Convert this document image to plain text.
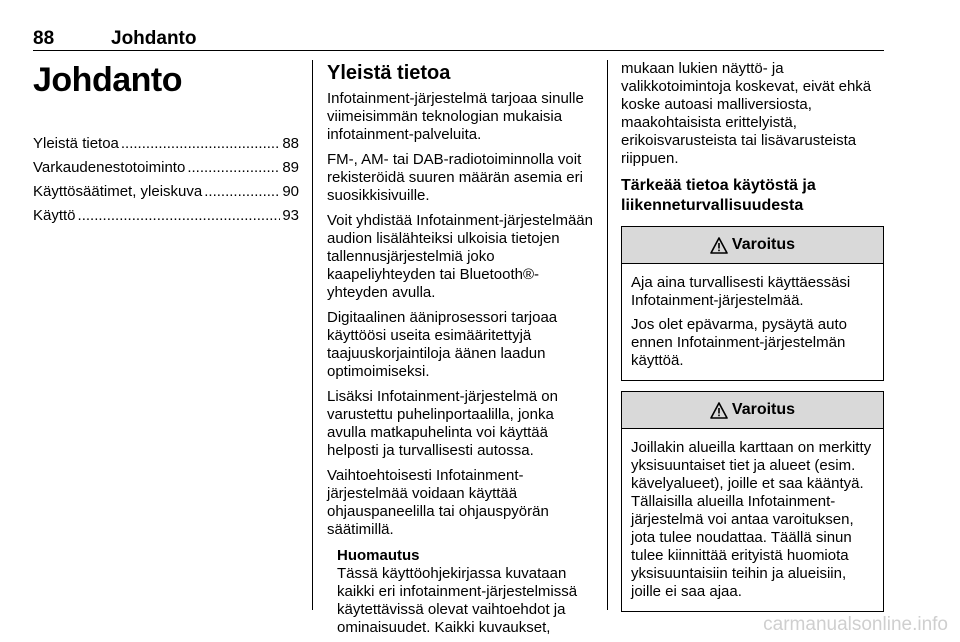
88	Johdanto
Johdanto
Yleistä tietoa .....	88
Varkaudenestotoiminto .....	89
Käyttösäätimet, yleiskuva .....	90
Käyttö .....	93
Yleistä tietoa

Infotainment-järjestelmä tarjoaa sinulle viimeisimmän teknologian mukaisia infotainment-palveluita.

FM-, AM- tai DAB-radiotoiminnolla voit rekisteröidä suuren määrän asemia eri suosikkisivuille.

Voit yhdistää Infotainment-järjestelmään audion lisälähteiksi ulkoisia tietojen tallennusjärjestelmiä joko kaapeliyhteyden tai Bluetooth®-yhteyden avulla.

Digitaalinen ääniprosessori tarjoaa käyttöösi useita esimääritettyjä taajuuskorjaintiloja äänen laadun optimoimiseksi.

Lisäksi Infotainment-järjestelmä on varustettu puhelinportaalilla, jonka avulla matkapuhelinta voi käyttää helposti ja turvallisesti autossa.

Vaihtoehtoisesti Infotainment-järjestelmää voidaan käyttää ohjauspaneelilla tai ohjauspyörän säätimillä.

Huomautus
Tässä käyttöohjekirjassa kuvataan kaikki eri infotainment-järjestelmissä käytettävissä olevat vaihtoehdot ja ominaisuudet. Kaikki kuvaukset,

mukaan lukien näyttö- ja valikkotoimintoja koskevat, eivät ehkä koske autoasi malliversiosta, maakohtaisista erittelyistä, erikoisvarusteista tai lisävarusteista riippuen.

Tärkeää tietoa käytöstä ja liikenneturvallisuudesta
Varoitus

Aja aina turvallisesti käyttäessäsi Infotainment-järjestelmää.

Jos olet epävarma, pysäytä auto ennen Infotainment-järjestelmän käyttöä.

Varoitus

Joillakin alueilla karttaan on merkitty yksisuuntaiset tiet ja alueet (esim. kävelyalueet), joille et saa kääntyä. Tällaisilla alueilla Infotainment-järjestelmä voi antaa varoituksen, jota tulee noudattaa. Täällä sinun tulee kiinnittää erityistä huomiota yksisuuntaisiin teihin ja alueisiin, joille ei saa ajaa.

carmanualsonline.info
